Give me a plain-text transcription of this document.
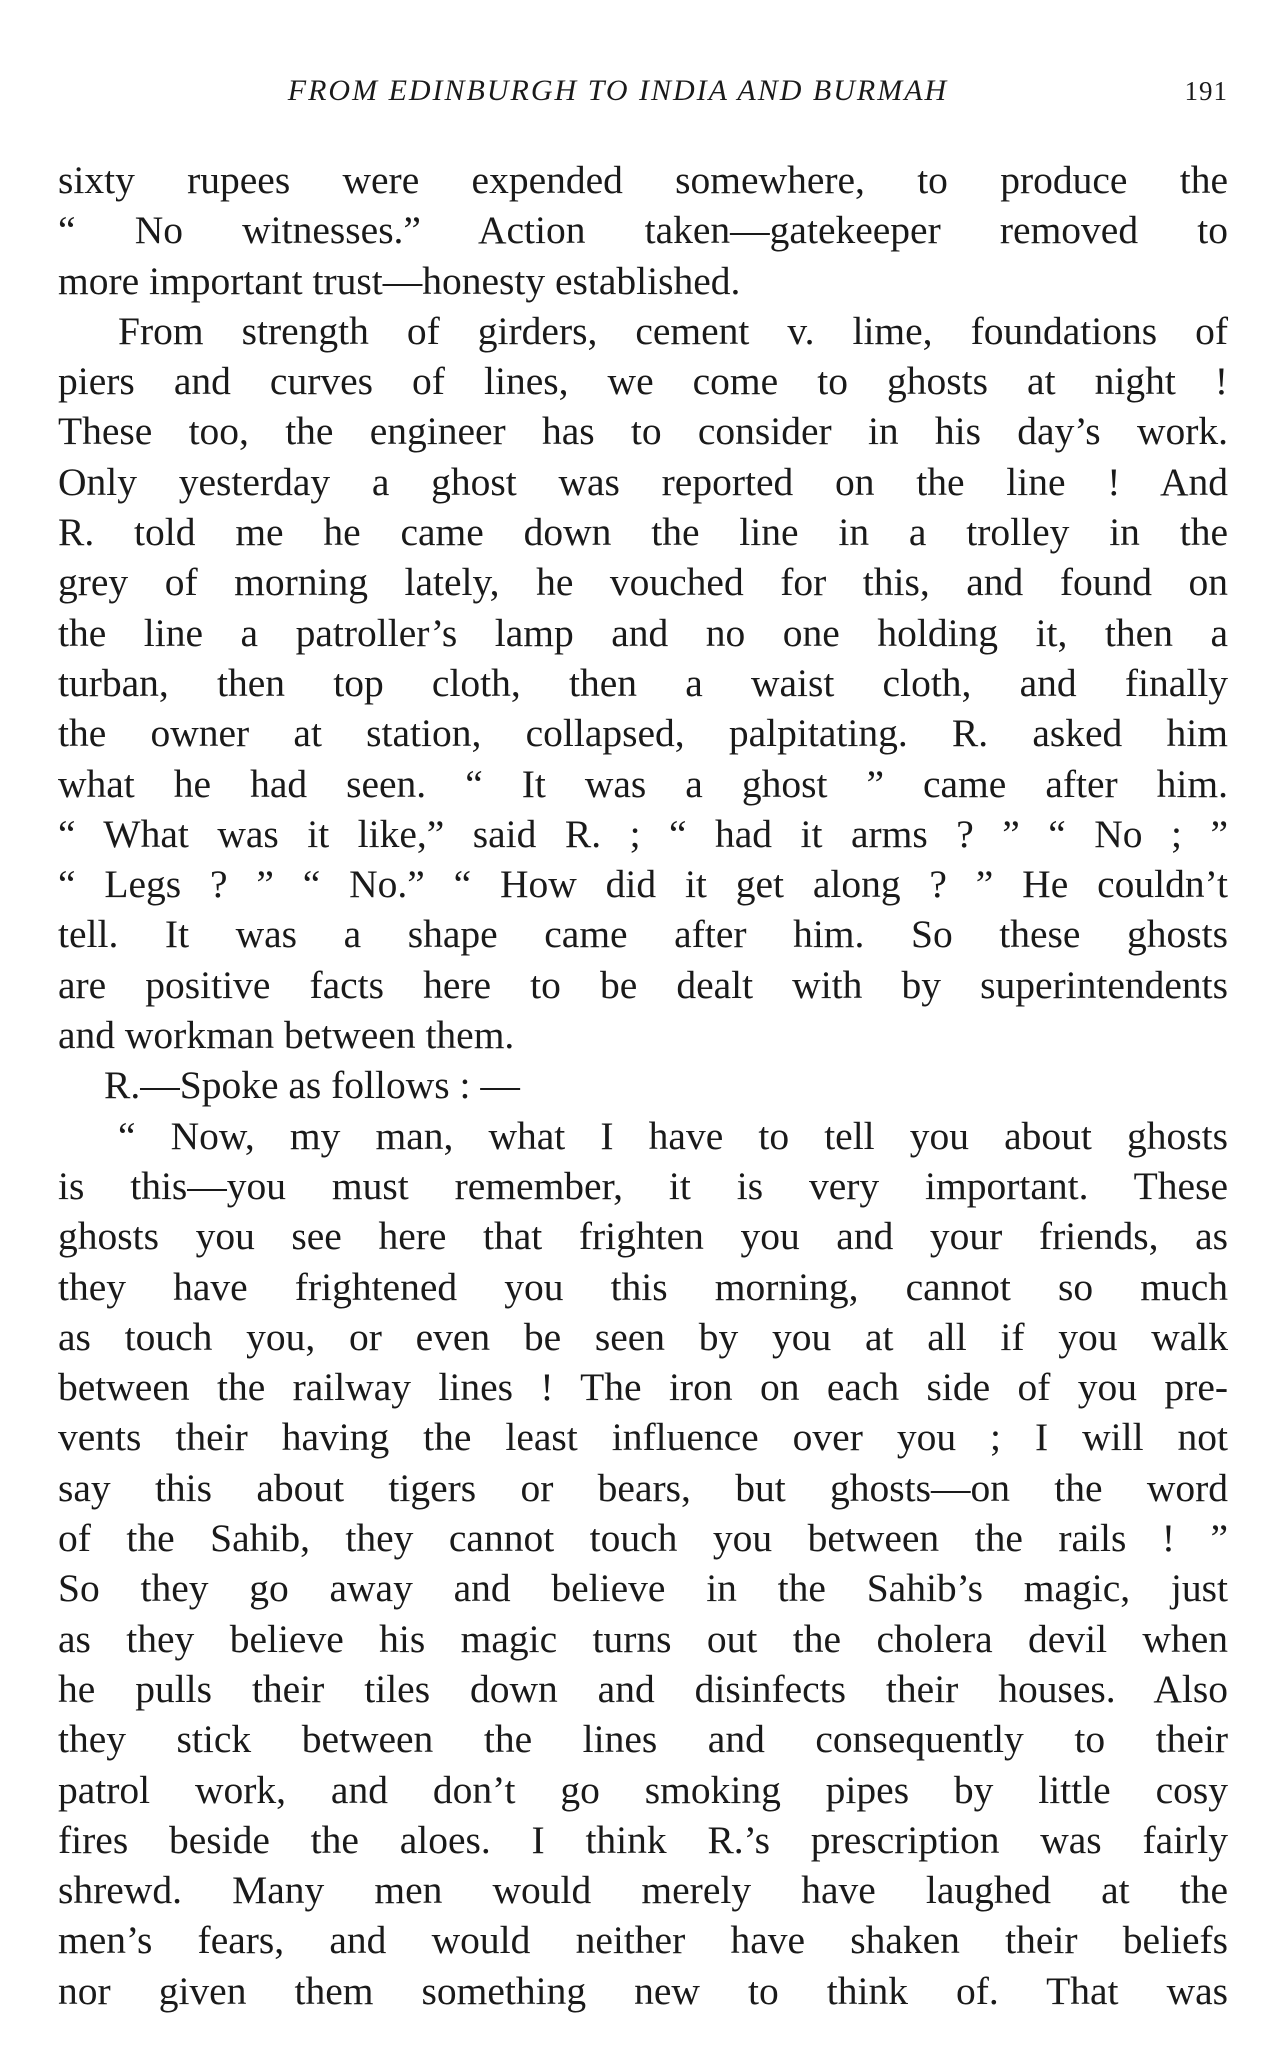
FROM EDINBURGH TO INDIA AND BURMAH	191
sixty rupees were expended somewhere, to produce the
“ No witnesses.” Action taken—gatekeeper removed to
more important trust—honesty established.
From strength of girders, cement v. lime, foundations of
piers and curves of lines, we come to ghosts at night !
These too, the engineer has to consider in his day’s work.
Only yesterday a ghost was reported on the line ! And
R. told me he came down the line in a trolley in the
grey of morning lately, he vouched for this, and found on
the line a patroller’s lamp and no one holding it, then a
turban, then top cloth, then a waist cloth, and finally
the owner at station, collapsed, palpitating. R. asked him
what he had seen. “ It was a ghost ” came after him.
“ What was it like,” said R. ; “ had it arms ? ” “ No ; ”
“ Legs ? ” “ No.” “ How did it get along ? ” He couldn’t
tell. It was a shape came after him. So these ghosts
are positive facts here to be dealt with by superintendents
and workman between them.
R.—Spoke as follows : —
“ Now, my man, what I have to tell you about ghosts
is this—you must remember, it is very important. These
ghosts you see here that frighten you and your friends, as
they have frightened you this morning, cannot so much
as touch you, or even be seen by you at all if you walk
between the railway lines ! The iron on each side of you pre-
vents their having the least influence over you ; I will not
say this about tigers or bears, but ghosts—on the word
of the Sahib, they cannot touch you between the rails ! ”
So they go away and believe in the Sahib’s magic, just
as they believe his magic turns out the cholera devil when
he pulls their tiles down and disinfects their houses. Also
they stick between the lines and consequently to their
patrol work, and don’t go smoking pipes by little cosy
fires beside the aloes. I think R.’s prescription was fairly
shrewd. Many men would merely have laughed at the
men’s fears, and would neither have shaken their beliefs
nor given them something new to think of. That was
